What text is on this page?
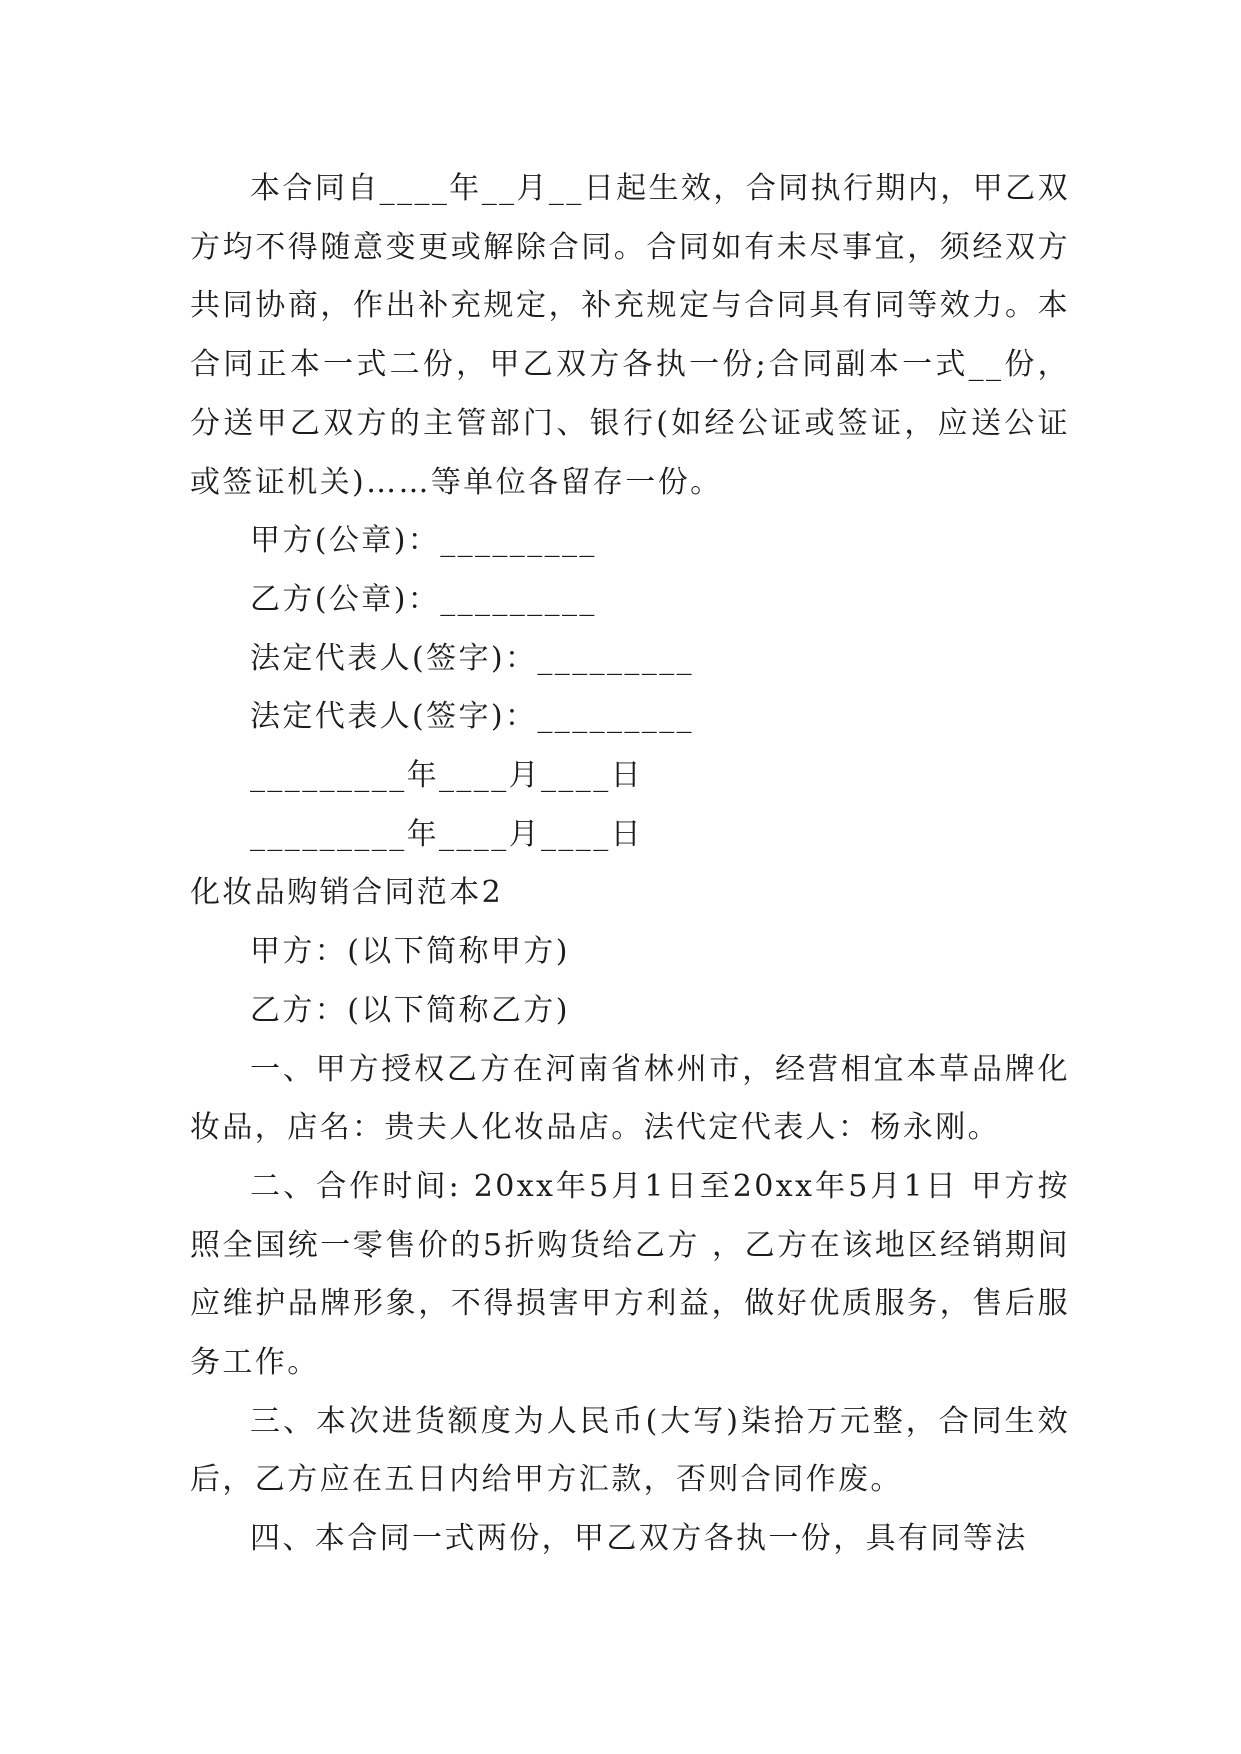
本合同自____年__月__日起生效，合同执行期内，甲乙双方均不得随意变更或解除合同。合同如有未尽事宜，须经双方共同协商，作出补充规定，补充规定与合同具有同等效力。本合同正本一式二份，甲乙双方各执一份;合同副本一式__份，分送甲乙双方的主管部门、银行(如经公证或签证，应送公证或签证机关)……等单位各留存一份。

甲方(公章)：_________

乙方(公章)：_________

法定代表人(签字)：_________

法定代表人(签字)：_________

_________年____月____日

_________年____月____日

化妆品购销合同范本2

甲方：(以下简称甲方)

乙方：(以下简称乙方)

一、甲方授权乙方在河南省林州市，经营相宜本草品牌化妆品，店名：贵夫人化妆品店。法代定代表人：杨永刚。

二、合作时间: 20xx年5月1日至20xx年5月1日 甲方按照全国统一零售价的5折购货给乙方 ，乙方在该地区经销期间应维护品牌形象，不得损害甲方利益，做好优质服务，售后服务工作。

三、本次进货额度为人民币(大写)柒拾万元整，合同生效后，乙方应在五日内给甲方汇款，否则合同作废。

四、本合同一式两份，甲乙双方各执一份，具有同等法
